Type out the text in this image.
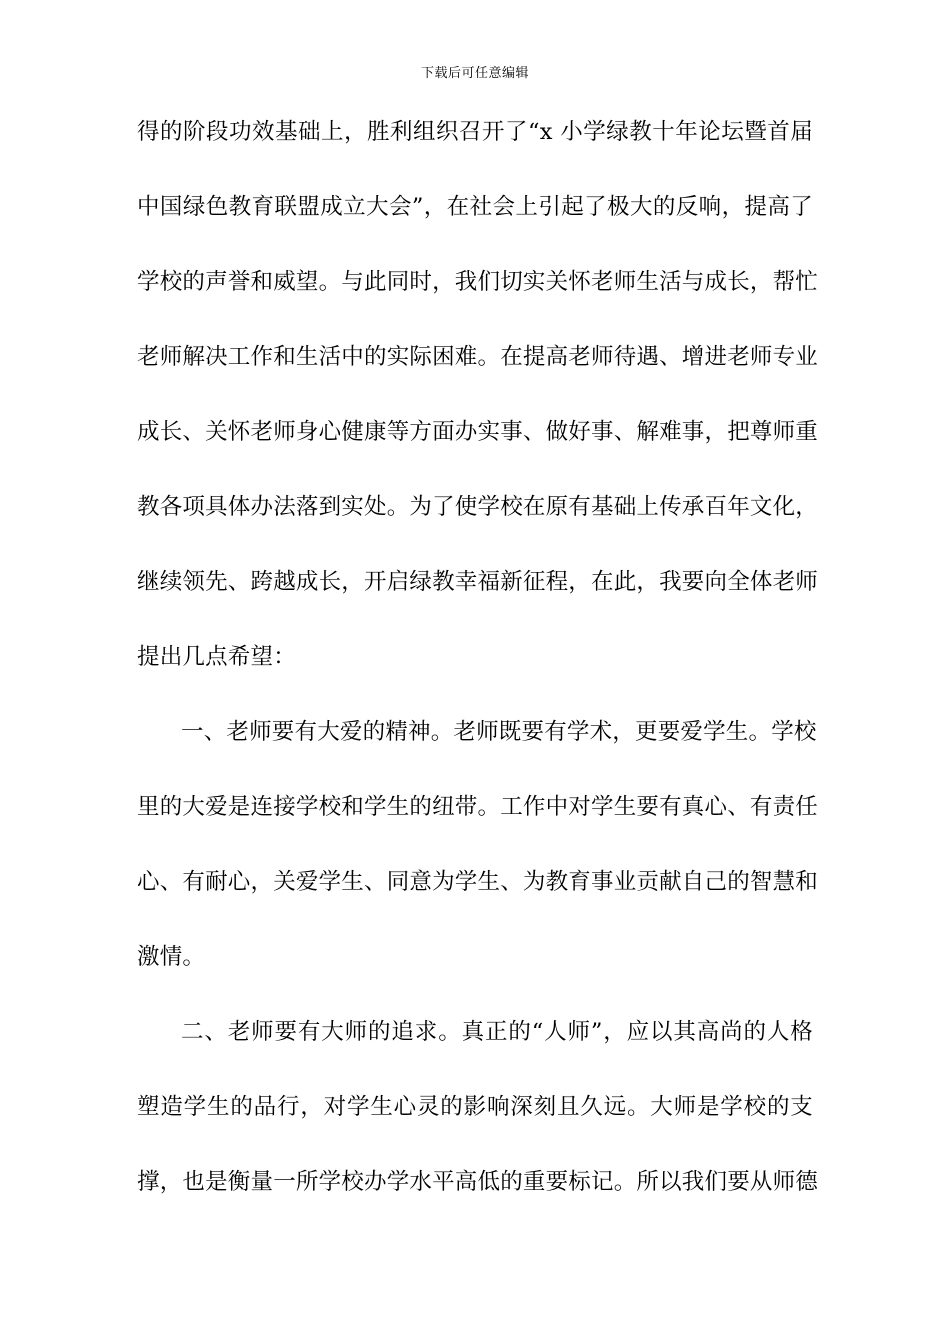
下载后可任意编辑
得的阶段功效基础上，胜利组织召开了“x 小学绿教十年论坛暨首届
中国绿色教育联盟成立大会”，在社会上引起了极大的反响，提高了
学校的声誉和威望。与此同时，我们切实关怀老师生活与成长，帮忙
老师解决工作和生活中的实际困难。在提高老师待遇、增进老师专业
成长、关怀老师身心健康等方面办实事、做好事、解难事，把尊师重
教各项具体办法落到实处。为了使学校在原有基础上传承百年文化，
继续领先、跨越成长，开启绿教幸福新征程，在此，我要向全体老师
提出几点希望：
一、老师要有大爱的精神。老师既要有学术，更要爱学生。学校
里的大爱是连接学校和学生的纽带。工作中对学生要有真心、有责任
心、有耐心，关爱学生、同意为学生、为教育事业贡献自己的智慧和
激情。
二、老师要有大师的追求。真正的“人师”，应以其高尚的人格
塑造学生的品行，对学生心灵的影响深刻且久远。大师是学校的支
撑，也是衡量一所学校办学水平高低的重要标记。所以我们要从师德
